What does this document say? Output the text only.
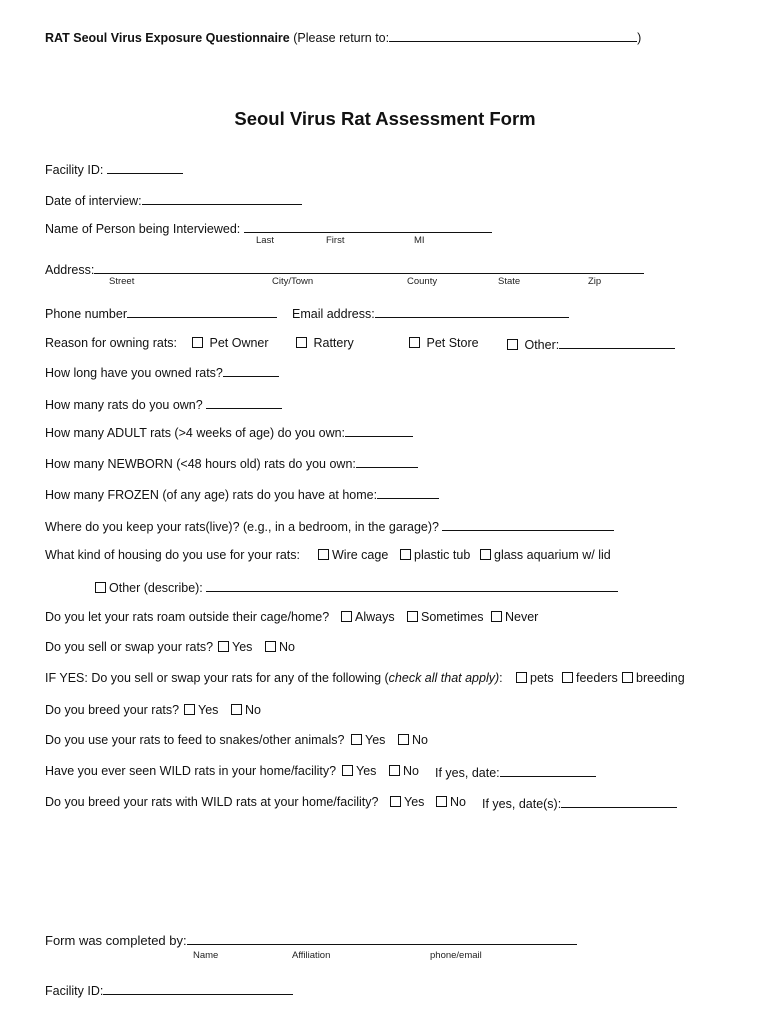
RAT Seoul Virus Exposure Questionnaire (Please return to:	)
Seoul Virus Rat Assessment Form
Facility ID:
Date of interview:
Name of Person being Interviewed:
Last	First	MI
Address:
Street	City/Town	County	State	Zip
Phone number	Email address:
Reason for owning rats:	Pet Owner	Rattery	Pet Store	Other:
How long have you owned rats?
How many rats do you own?
How many ADULT rats (>4 weeks of age) do you own:
How many NEWBORN (<48 hours old) rats do you own:
How many FROZEN (of any age) rats do you have at home:
Where do you keep your rats(live)? (e.g., in a bedroom, in the garage)?
What kind of housing do you use for your rats:	Wire cage	plastic tub	glass aquarium w/ lid
Other (describe):
Do you let your rats roam outside their cage/home?	Always	Sometimes	Never
Do you sell or swap your rats?	Yes	No
IF YES: Do you sell or swap your rats for any of the following (check all that apply):	pets	feeders	breeding
Do you breed your rats?	Yes	No
Do you use your rats to feed to snakes/other animals?	Yes	No
Have you ever seen WILD rats in your home/facility?	Yes	No If yes, date:
Do you breed your rats with WILD rats at your home/facility?	Yes	No If yes, date(s):
Form was completed by:
Name	Affiliation	phone/email
Facility ID:
